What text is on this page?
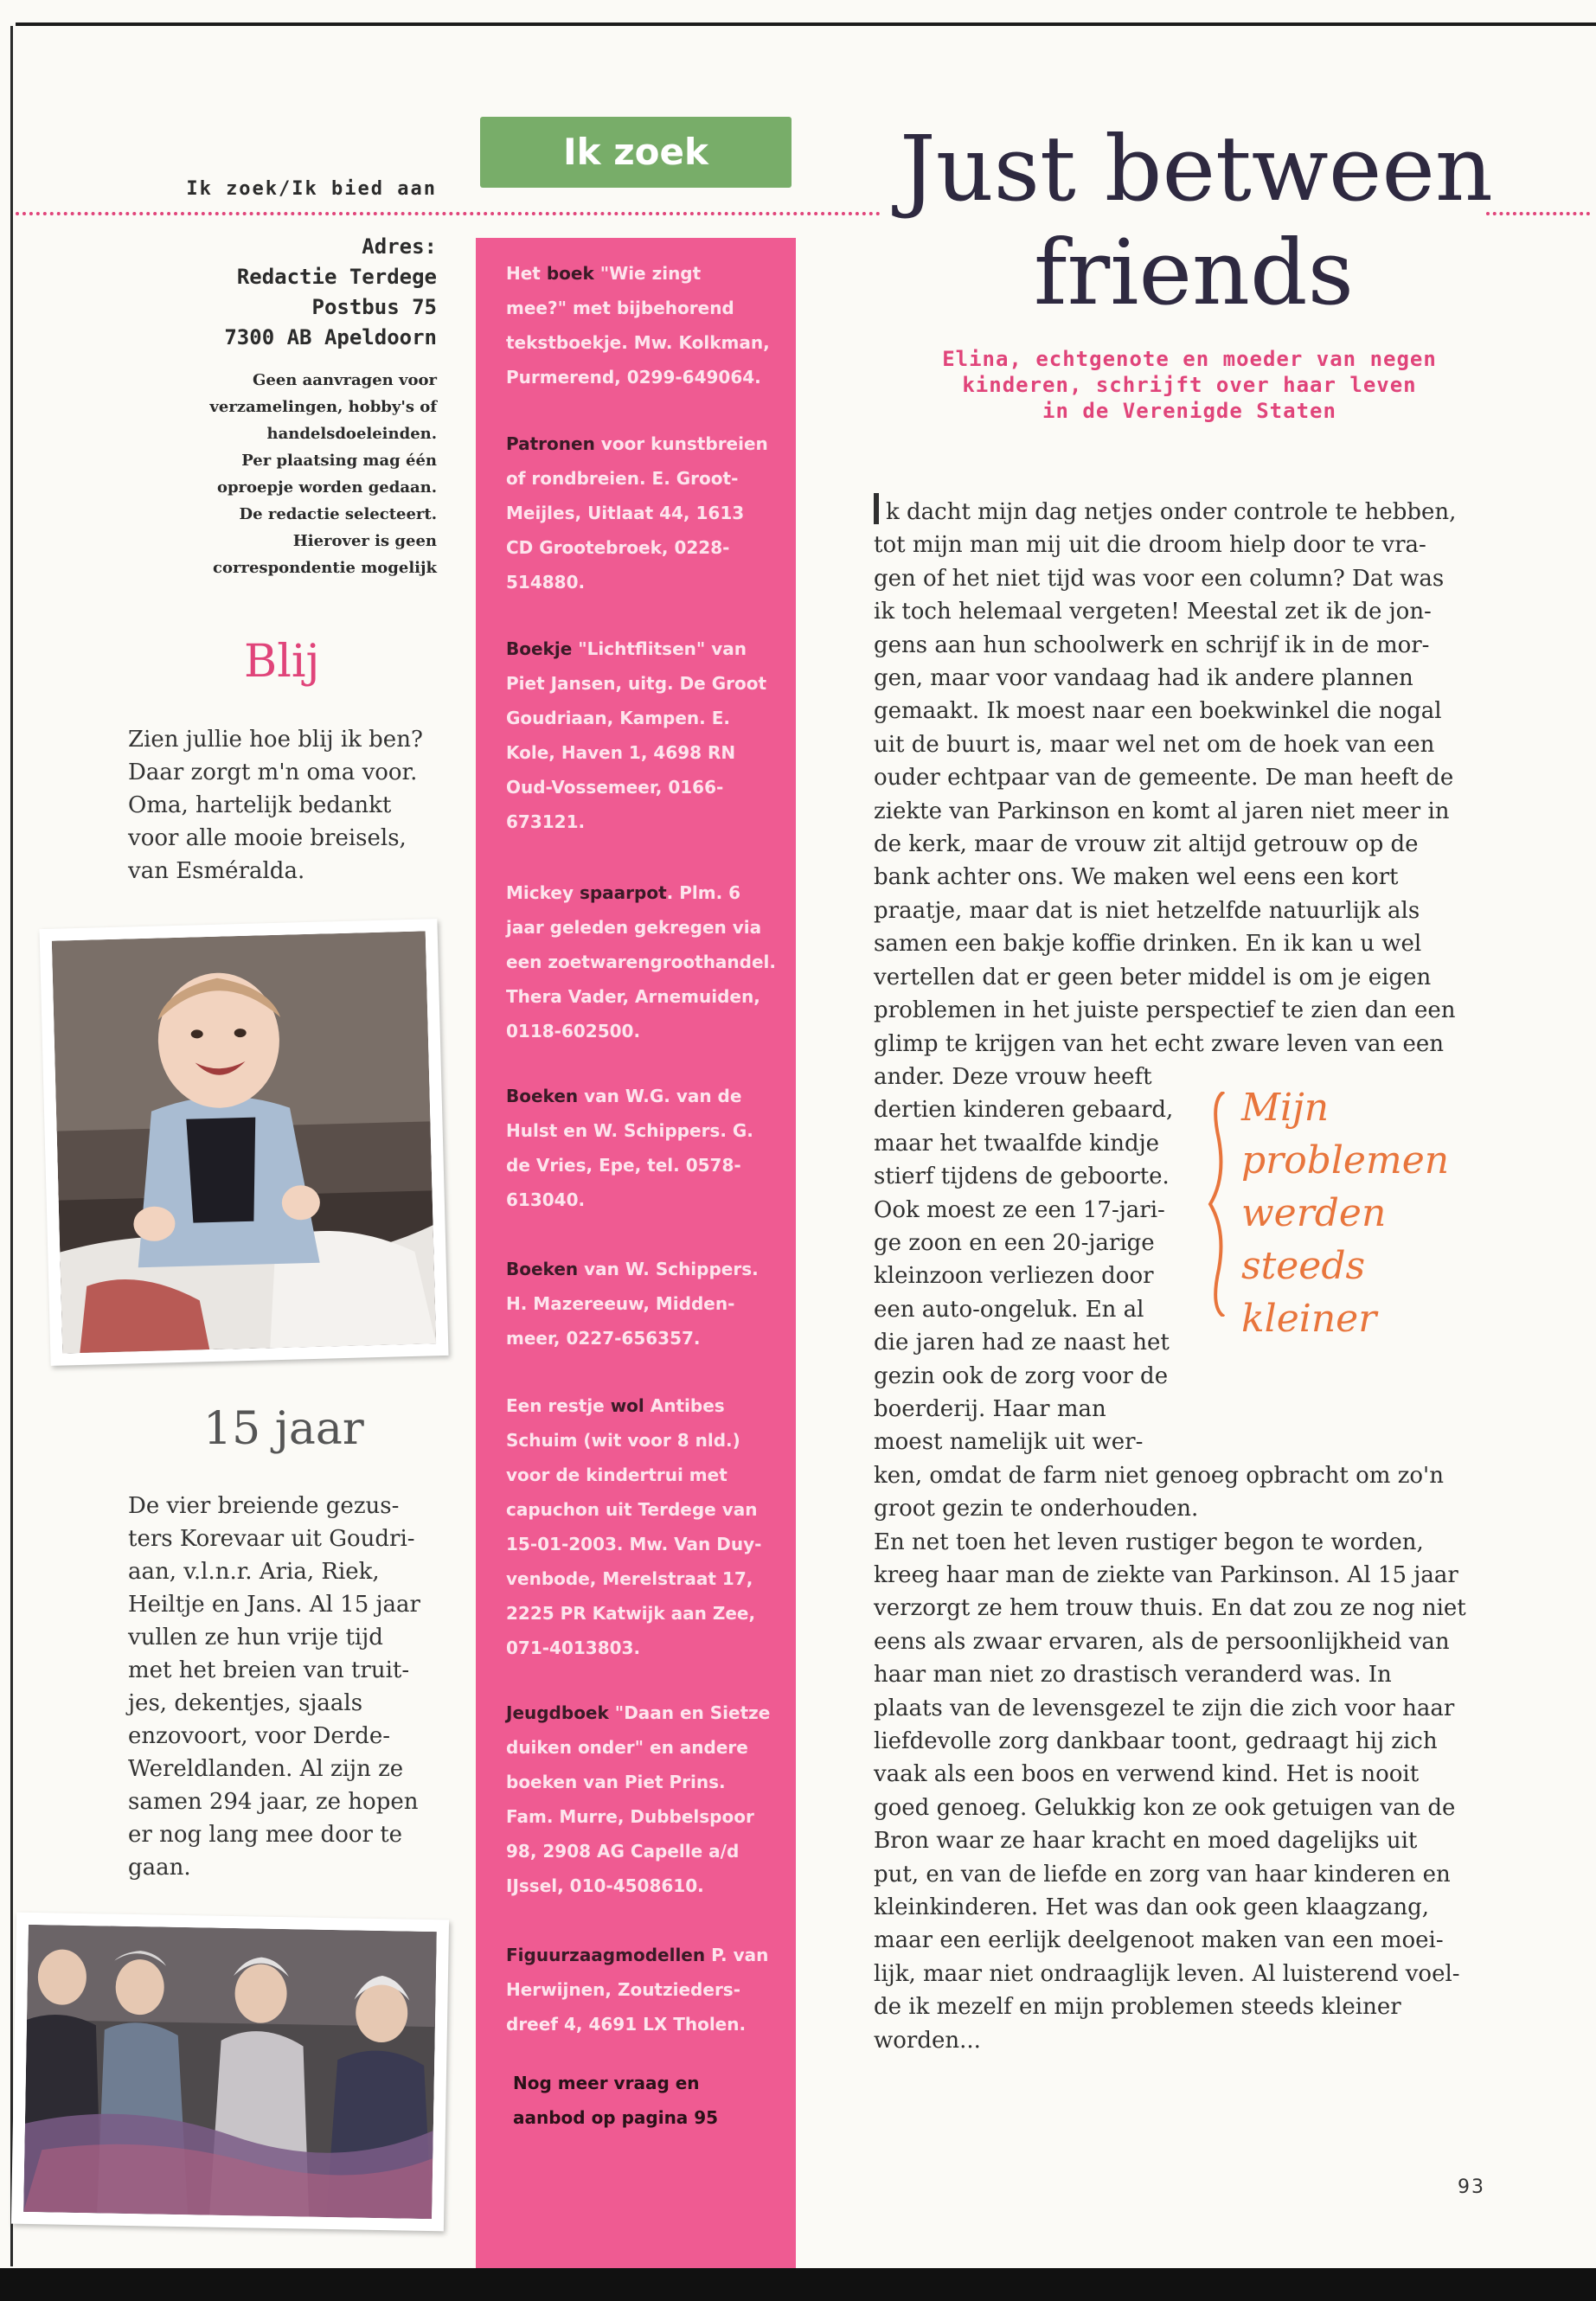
Ik zoek/Ik bied aan
Adres:
Redactie Terdege
Postbus 75
7300 AB Apeldoorn
Geen aanvragen voor
verzamelingen, hobby's of
handelsdoeleinden.
Per plaatsing mag één
oproepje worden gedaan.
De redactie selecteert.
Hierover is geen
correspondentie mogelijk
Blij
Zien jullie hoe blij ik ben?
Daar zorgt m'n oma voor.
Oma, hartelijk bedankt
voor alle mooie breisels,
van Esméralda.
15 jaar
De vier breiende gezus-
ters Korevaar uit Goudri-
aan, v.l.n.r. Aria, Riek,
Heiltje en Jans. Al 15 jaar
vullen ze hun vrije tijd
met het breien van truit-
jes, dekentjes, sjaals
enzovoort, voor Derde-
Wereldlanden. Al zijn ze
samen 294 jaar, ze hopen
er nog lang mee door te
gaan.
Ik zoek
Het boek "Wie zingt
mee?" met bijbehorend
tekstboekje. Mw. Kolkman,
Purmerend, 0299-649064.
Patronen voor kunstbreien
of rondbreien. E. Groot-
Meijles, Uitlaat 44, 1613
CD Grootebroek, 0228-
514880.
Boekje "Lichtflitsen" van
Piet Jansen, uitg. De Groot
Goudriaan, Kampen. E.
Kole, Haven 1, 4698 RN
Oud-Vossemeer, 0166-
673121.
Mickey spaarpot. Plm. 6
jaar geleden gekregen via
een zoetwarengroothandel.
Thera Vader, Arnemuiden,
0118-602500.
Boeken van W.G. van de
Hulst en W. Schippers. G.
de Vries, Epe, tel. 0578-
613040.
Boeken van W. Schippers.
H. Mazereeuw, Midden-
meer, 0227-656357.
Een restje wol Antibes
Schuim (wit voor 8 nld.)
voor de kindertrui met
capuchon uit Terdege van
15-01-2003. Mw. Van Duy-
venbode, Merelstraat 17,
2225 PR Katwijk aan Zee,
071-4013803.
Jeugdboek "Daan en Sietze
duiken onder" en andere
boeken van Piet Prins.
Fam. Murre, Dubbelspoor
98, 2908 AG Capelle a/d
IJssel, 010-4508610.
Figuurzaagmodellen P. van
Herwijnen, Zoutzieders-
dreef 4, 4691 LX Tholen.
Nog meer vraag en
aanbod op pagina 95
Just between
friends
Elina, echtgenote en moeder van negen
kinderen, schrijft over haar leven
in de Verenigde Staten
k dacht mijn dag netjes onder controle te hebben,
tot mijn man mij uit die droom hielp door te vra-
gen of het niet tijd was voor een column? Dat was
ik toch helemaal vergeten! Meestal zet ik de jon-
gens aan hun schoolwerk en schrijf ik in de mor-
gen, maar voor vandaag had ik andere plannen
gemaakt. Ik moest naar een boekwinkel die nogal
uit de buurt is, maar wel net om de hoek van een
ouder echtpaar van de gemeente. De man heeft de
ziekte van Parkinson en komt al jaren niet meer in
de kerk, maar de vrouw zit altijd getrouw op de
bank achter ons. We maken wel eens een kort
praatje, maar dat is niet hetzelfde natuurlijk als
samen een bakje koffie drinken. En ik kan u wel
vertellen dat er geen beter middel is om je eigen
problemen in het juiste perspectief te zien dan een
glimp te krijgen van het echt zware leven van een
ander. Deze vrouw heeft
dertien kinderen gebaard,
maar het twaalfde kindje
stierf tijdens de geboorte.
Ook moest ze een 17-jari-
ge zoon en een 20-jarige
kleinzoon verliezen door
een auto-ongeluk. En al
die jaren had ze naast het
gezin ook de zorg voor de
boerderij. Haar man
moest namelijk uit wer-
ken, omdat de farm niet genoeg opbracht om zo'n
groot gezin te onderhouden.
En net toen het leven rustiger begon te worden,
kreeg haar man de ziekte van Parkinson. Al 15 jaar
verzorgt ze hem trouw thuis. En dat zou ze nog niet
eens als zwaar ervaren, als de persoonlijkheid van
haar man niet zo drastisch veranderd was. In
plaats van de levensgezel te zijn die zich voor haar
liefdevolle zorg dankbaar toont, gedraagt hij zich
vaak als een boos en verwend kind. Het is nooit
goed genoeg. Gelukkig kon ze ook getuigen van de
Bron waar ze haar kracht en moed dagelijks uit
put, en van de liefde en zorg van haar kinderen en
kleinkinderen. Het was dan ook geen klaagzang,
maar een eerlijk deelgenoot maken van een moei-
lijk, maar niet ondraaglijk leven. Al luisterend voel-
de ik mezelf en mijn problemen steeds kleiner
worden...
Mijn
problemen
werden
steeds
kleiner
93
